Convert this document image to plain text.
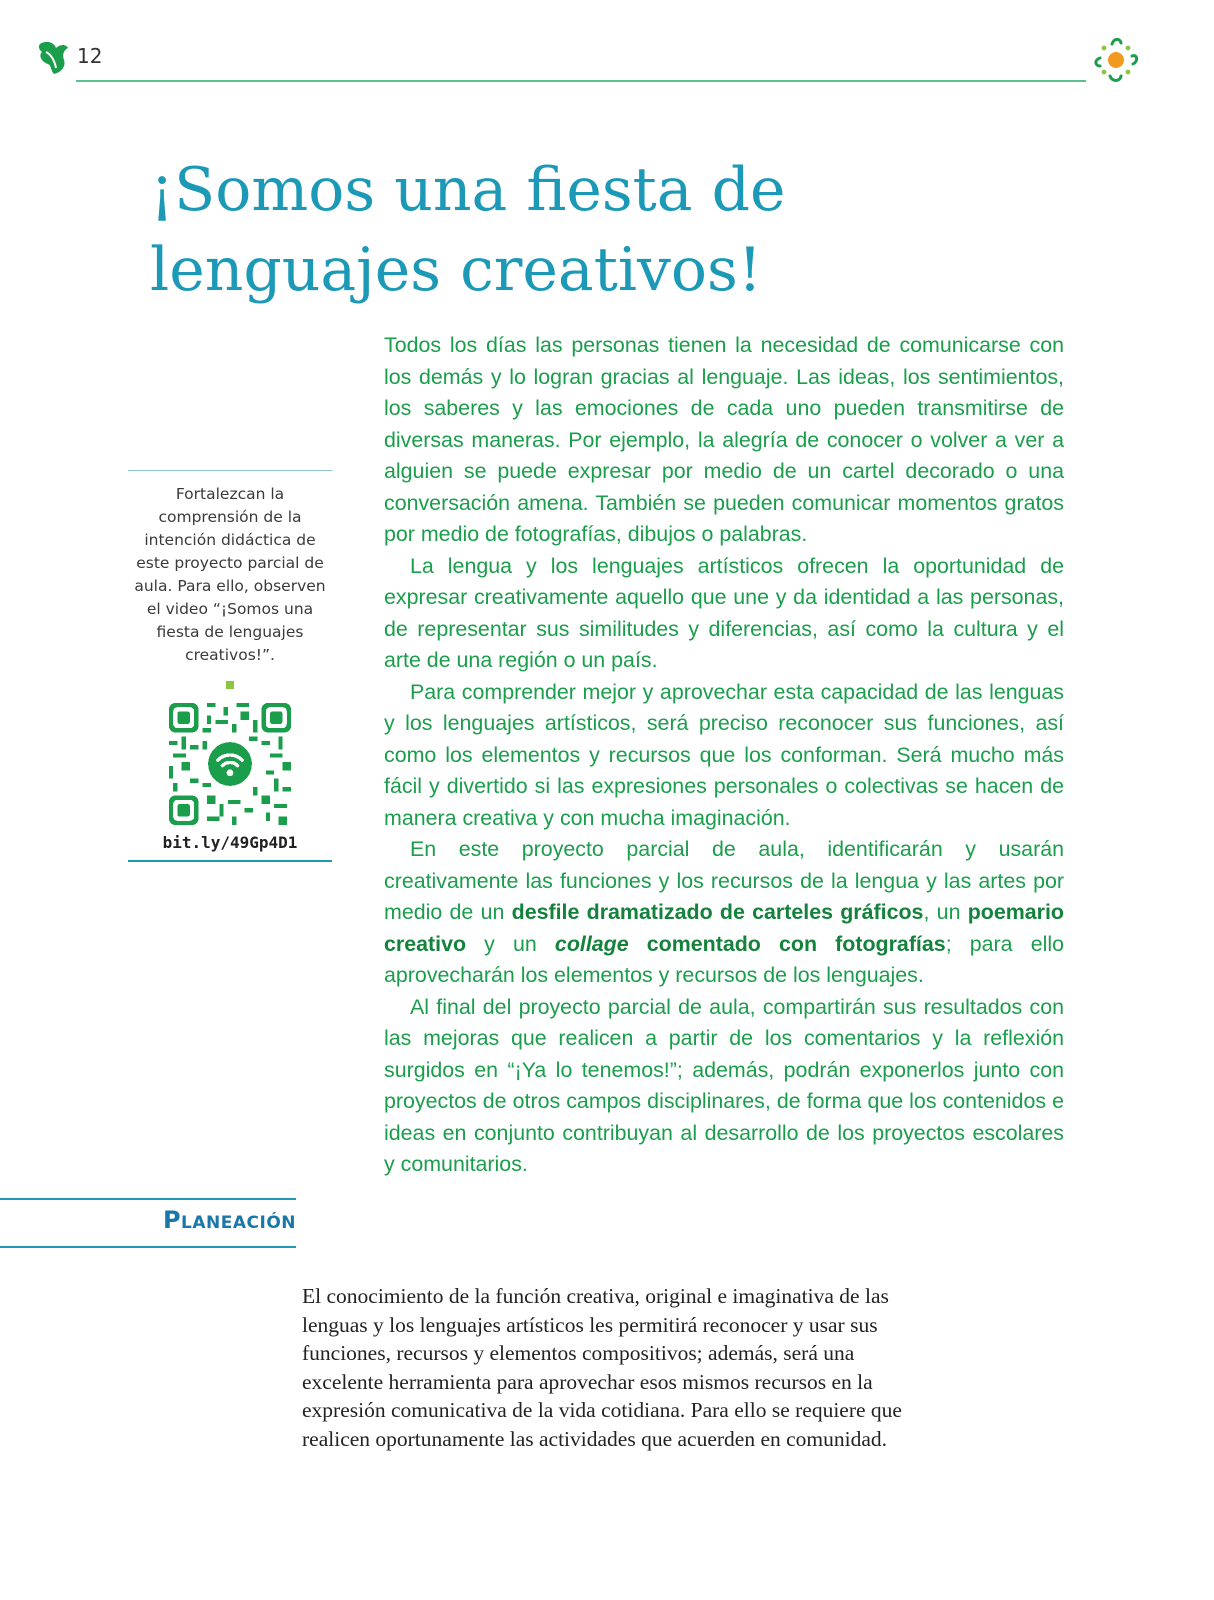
12
¡Somos una fiesta de
lenguajes creativos!

Fortalezcan la comprensión de la intención didáctica de este proyecto parcial de aula. Para ello, observen el video “¡Somos una fiesta de lenguajes creativos!”.

bit.ly/49Gp4D1

Todos los días las personas tienen la necesidad de comunicarse con los demás y lo logran gracias al lenguaje. Las ideas, los sentimientos, los saberes y las emociones de cada uno pueden transmitirse de diversas maneras. Por ejemplo, la alegría de conocer o volver a ver a alguien se puede expresar por medio de un cartel decorado o una conversación amena. También se pueden comunicar momentos gratos por medio de fotografías, dibujos o palabras.

La lengua y los lenguajes artísticos ofrecen la oportunidad de expresar creativamente aquello que une y da identidad a las personas, de representar sus similitudes y diferencias, así como la cultura y el arte de una región o un país.

Para comprender mejor y aprovechar esta capacidad de las lenguas y los lenguajes artísticos, será preciso reconocer sus funciones, así como los elementos y recursos que los conforman. Será mucho más fácil y divertido si las expresiones personales o colectivas se hacen de manera creativa y con mucha imaginación.

En este proyecto parcial de aula, identificarán y usarán creativamente las funciones y los recursos de la lengua y las artes por medio de un desfile dramatizado de carteles gráficos, un poemario creativo y un collage comentado con fotografías; para ello aprovecharán los elementos y recursos de los lenguajes.

Al final del proyecto parcial de aula, compartirán sus resultados con las mejoras que realicen a partir de los comentarios y la reflexión surgidos en “¡Ya lo tenemos!”; además, podrán exponerlos junto con proyectos de otros campos disciplinares, de forma que los contenidos e ideas en conjunto contribuyan al desarrollo de los proyectos escolares y comunitarios.

Planeación

El conocimiento de la función creativa, original e imaginativa de las lenguas y los lenguajes artísticos les permitirá reconocer y usar sus funciones, recursos y elementos compositivos; además, será una excelente herramienta para aprovechar esos mismos recursos en la expresión comunicativa de la vida cotidiana. Para ello se requiere que realicen oportunamente las actividades que acuerden en comunidad.
